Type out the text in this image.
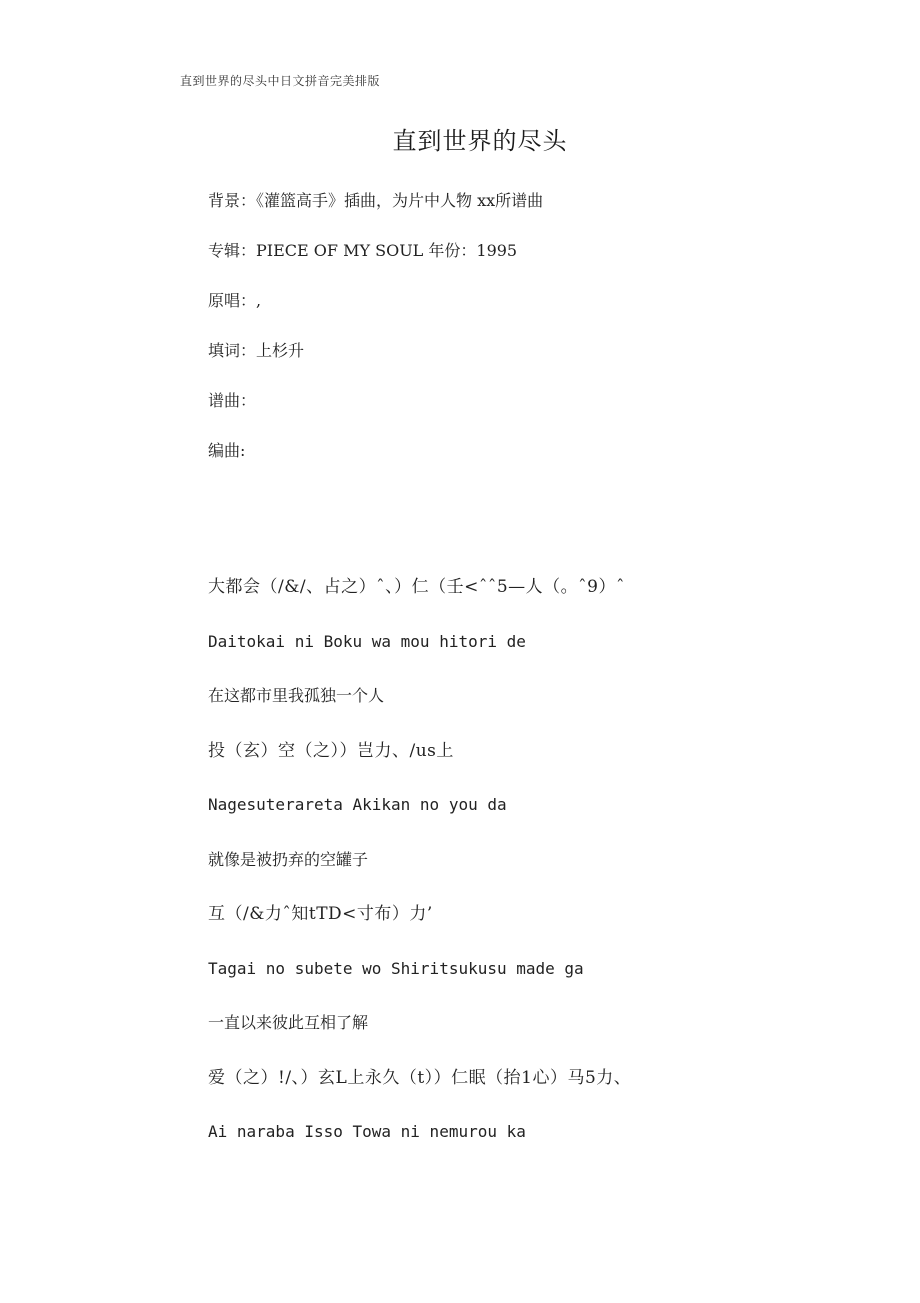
直到世界的尽头中日文拼音完美排版
直到世界的尽头
背景：《灌篮高手》插曲，为片中人物 xx所谱曲
专辑：PIECE OF MY SOUL 年份：1995
原唱：,
填词：上杉升
谱曲：
编曲:
大都会（/&/、占之）ˆ、）仁（壬<ˆˆ5—人（。ˆ9）ˆ
Daitokai ni Boku wa mou hitori de
在这都市里我孤独一个人
投（玄）空（之））岂力、/us上
Nagesuterareta Akikan no you da
就像是被扔弃的空罐子
互（/&力ˆ知tTD<寸布）力’
Tagai no subete wo Shiritsukusu made ga
一直以来彼此互相了解
爱（之）!/、）玄L上永久（t））仁眠（抬1心）马5力、
Ai naraba Isso Towa ni nemurou ka
